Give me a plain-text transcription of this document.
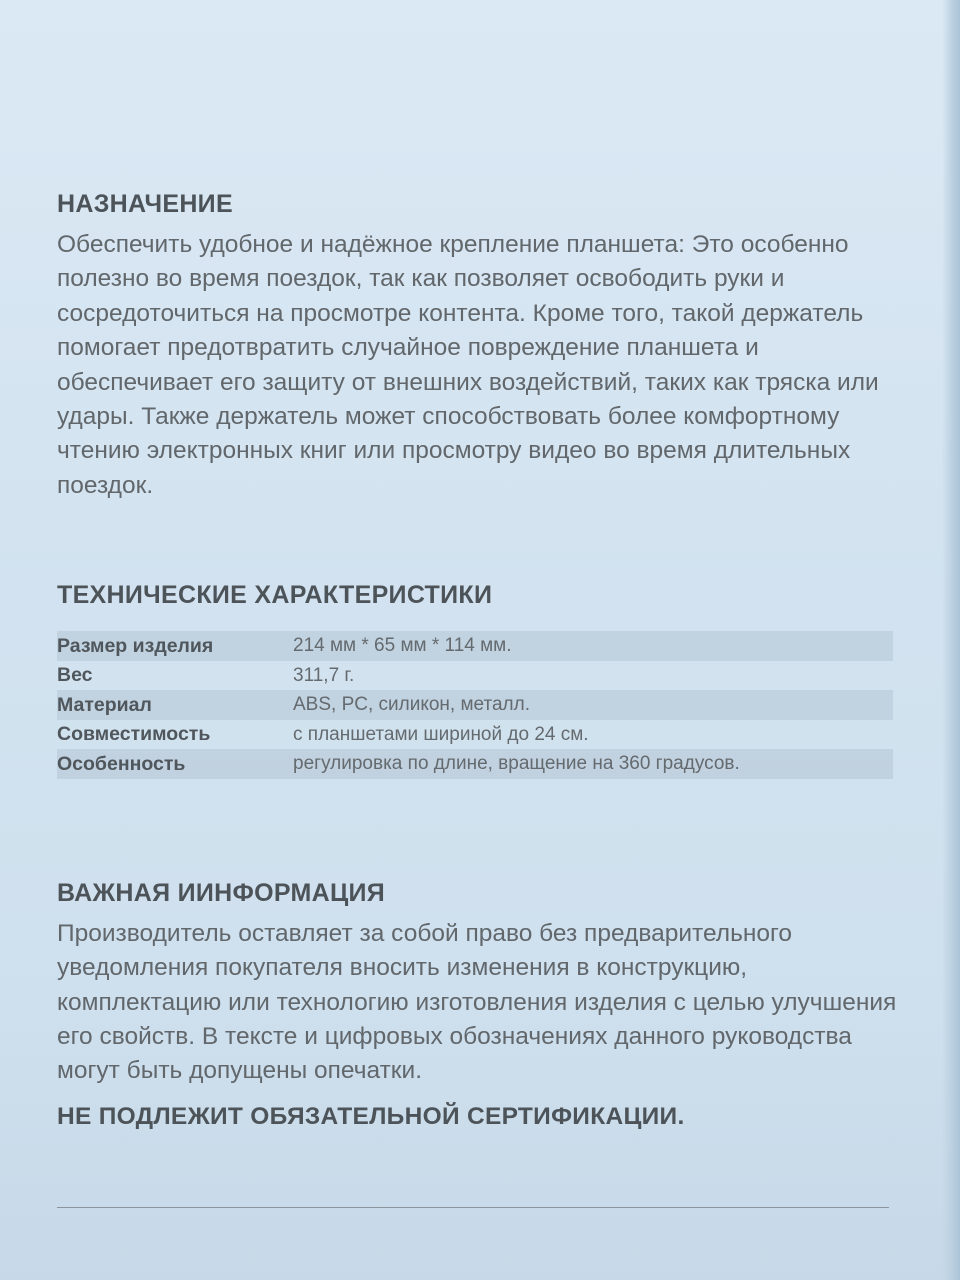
НАЗНАЧЕНИЕ

Обеспечить удобное и надёжное крепление планшета: Это особенно полезно во время поездок, так как позволяет освободить руки и сосредоточиться на просмотре контента. Кроме того, такой держатель помогает предотвратить случайное повреждение планшета и обеспечивает его защиту от внешних воздействий, таких как тряска или удары. Также держатель может способствовать более комфортному чтению электронных книг или просмотру видео во время длительных поездок.

ТЕХНИЧЕСКИЕ ХАРАКТЕРИСТИКИ
Размер изделия	214 мм * 65 мм * 114 мм.
Вес	311,7 г.
Материал	ABS, PC, силикон, металл.
Совместимость	с планшетами шириной до 24 см.
Особенность	регулировка по длине, вращение на 360 градусов.
ВАЖНАЯ ИИНФОРМАЦИЯ

Производитель оставляет за собой право без предварительного уведомления покупателя вносить изменения в конструкцию, комплектацию или технологию изготовления изделия с целью улучшения его свойств. В тексте и цифровых обозначениях данного руководства могут быть допущены опечатки.

НЕ ПОДЛЕЖИТ ОБЯЗАТЕЛЬНОЙ СЕРТИФИКАЦИИ.
